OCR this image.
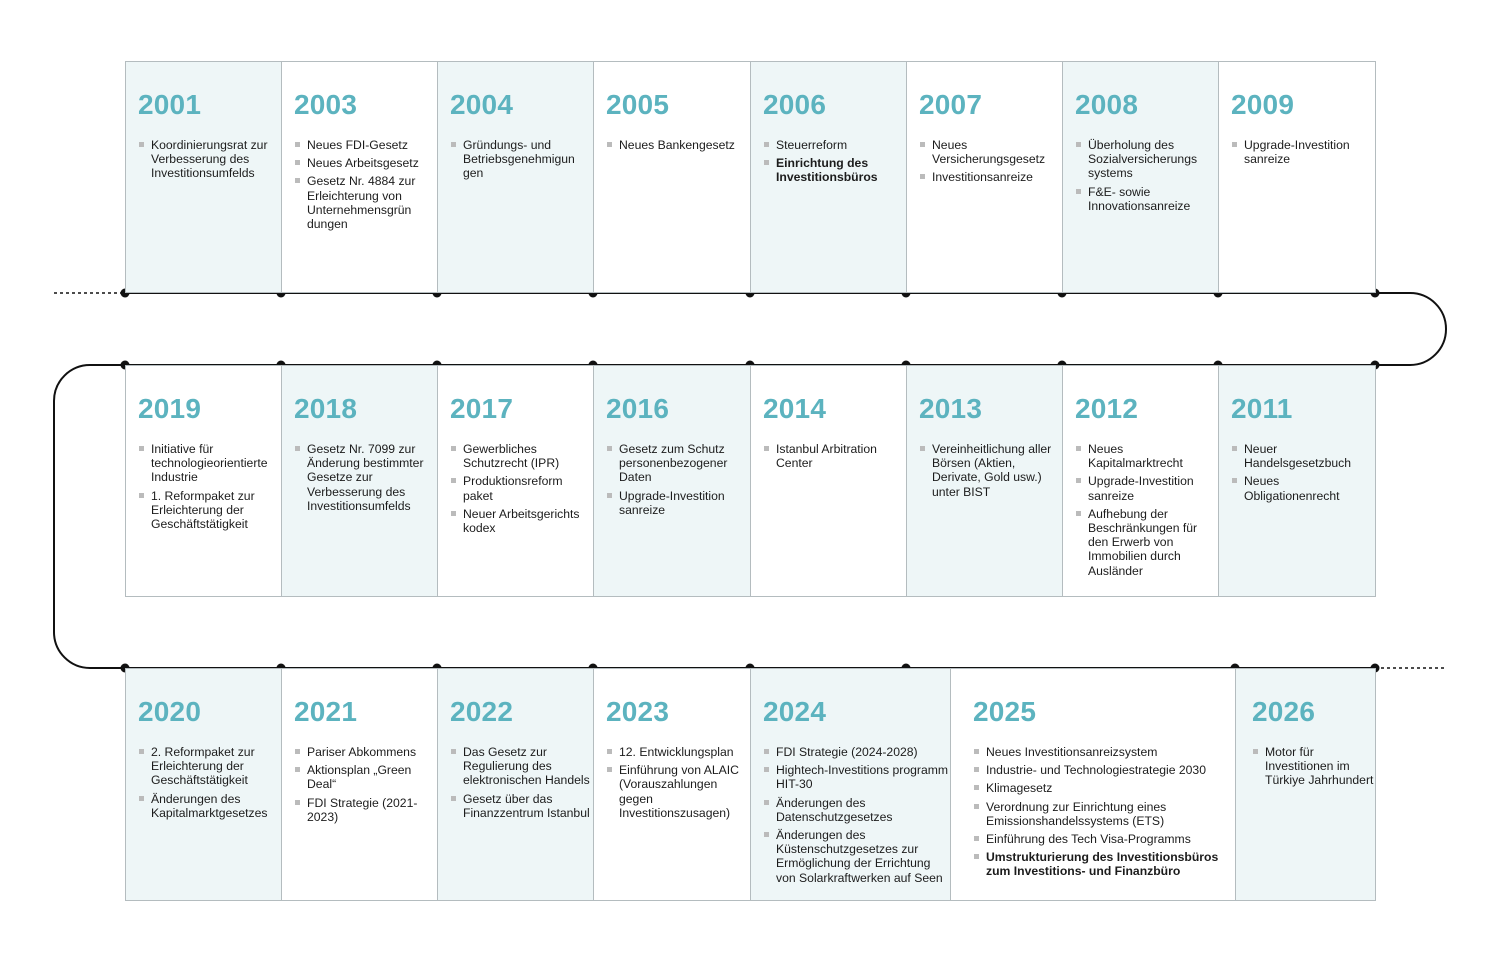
2001
Koordinierungsrat zur Verbesserung des Investitionsumfelds
2003
Neues FDI-Gesetz
Neues Arbeitsgesetz
Gesetz Nr. 4884 zur Erleichterung von Unternehmensgrün dungen
2004
Gründungs- und Betriebsgenehmigun gen
2005
Neues Bankengesetz
2006
Steuerreform
Einrichtung des Investitionsbüros
2007
Neues Versicherungsgesetz
Investitionsanreize
2008
Überholung des Sozialversicherungs systems
F&E- sowie Innovationsanreize
2009
Upgrade-Investition sanreize
2019
Initiative für technologieorientierte Industrie
1. Reformpaket zur Erleichterung der Geschäftstätigkeit
2018
Gesetz Nr. 7099 zur Änderung bestimmter Gesetze zur Verbesserung des Investitionsumfelds
2017
Gewerbliches Schutzrecht (IPR)
Produktionsreform paket
Neuer Arbeitsgerichts kodex
2016
Gesetz zum Schutz personenbezogener Daten
Upgrade-Investition sanreize
2014
Istanbul Arbitration Center
2013
Vereinheitlichung aller Börsen (Aktien, Derivate, Gold usw.) unter BIST
2012
Neues Kapitalmarktrecht
Upgrade-Investition sanreize
Aufhebung der Beschränkungen für den Erwerb von Immobilien durch Ausländer
2011
Neuer Handelsgesetzbuch
Neues Obligationenrecht
2020
2. Reformpaket zur Erleichterung der Geschäftstätigkeit
Änderungen des Kapitalmarktgesetzes
2021
Pariser Abkommens
Aktionsplan „Green Deal“
FDI Strategie (2021-2023)
2022
Das Gesetz zur Regulierung des elektronischen Handels
Gesetz über das Finanzzentrum Istanbul
2023
12. Entwicklungsplan
Einführung von ALAIC (Vorauszahlungen gegen Investitionszusagen)
2024
FDI Strategie (2024-2028)
Hightech-Investitions programm HIT-30
Änderungen des Datenschutzgesetzes
Änderungen des Küstenschutzgesetzes zur Ermöglichung der Errichtung von Solarkraftwerken auf Seen
2025
Neues Investitionsanreizsystem
Industrie- und Technologiestrategie 2030
Klimagesetz
Verordnung zur Einrichtung eines Emissionshandelssystems (ETS)
Einführung des Tech Visa-Programms
Umstrukturierung des Investitionsbüros zum Investitions- und Finanzbüro
2026
Motor für Investitionen im Türkiye Jahrhundert
